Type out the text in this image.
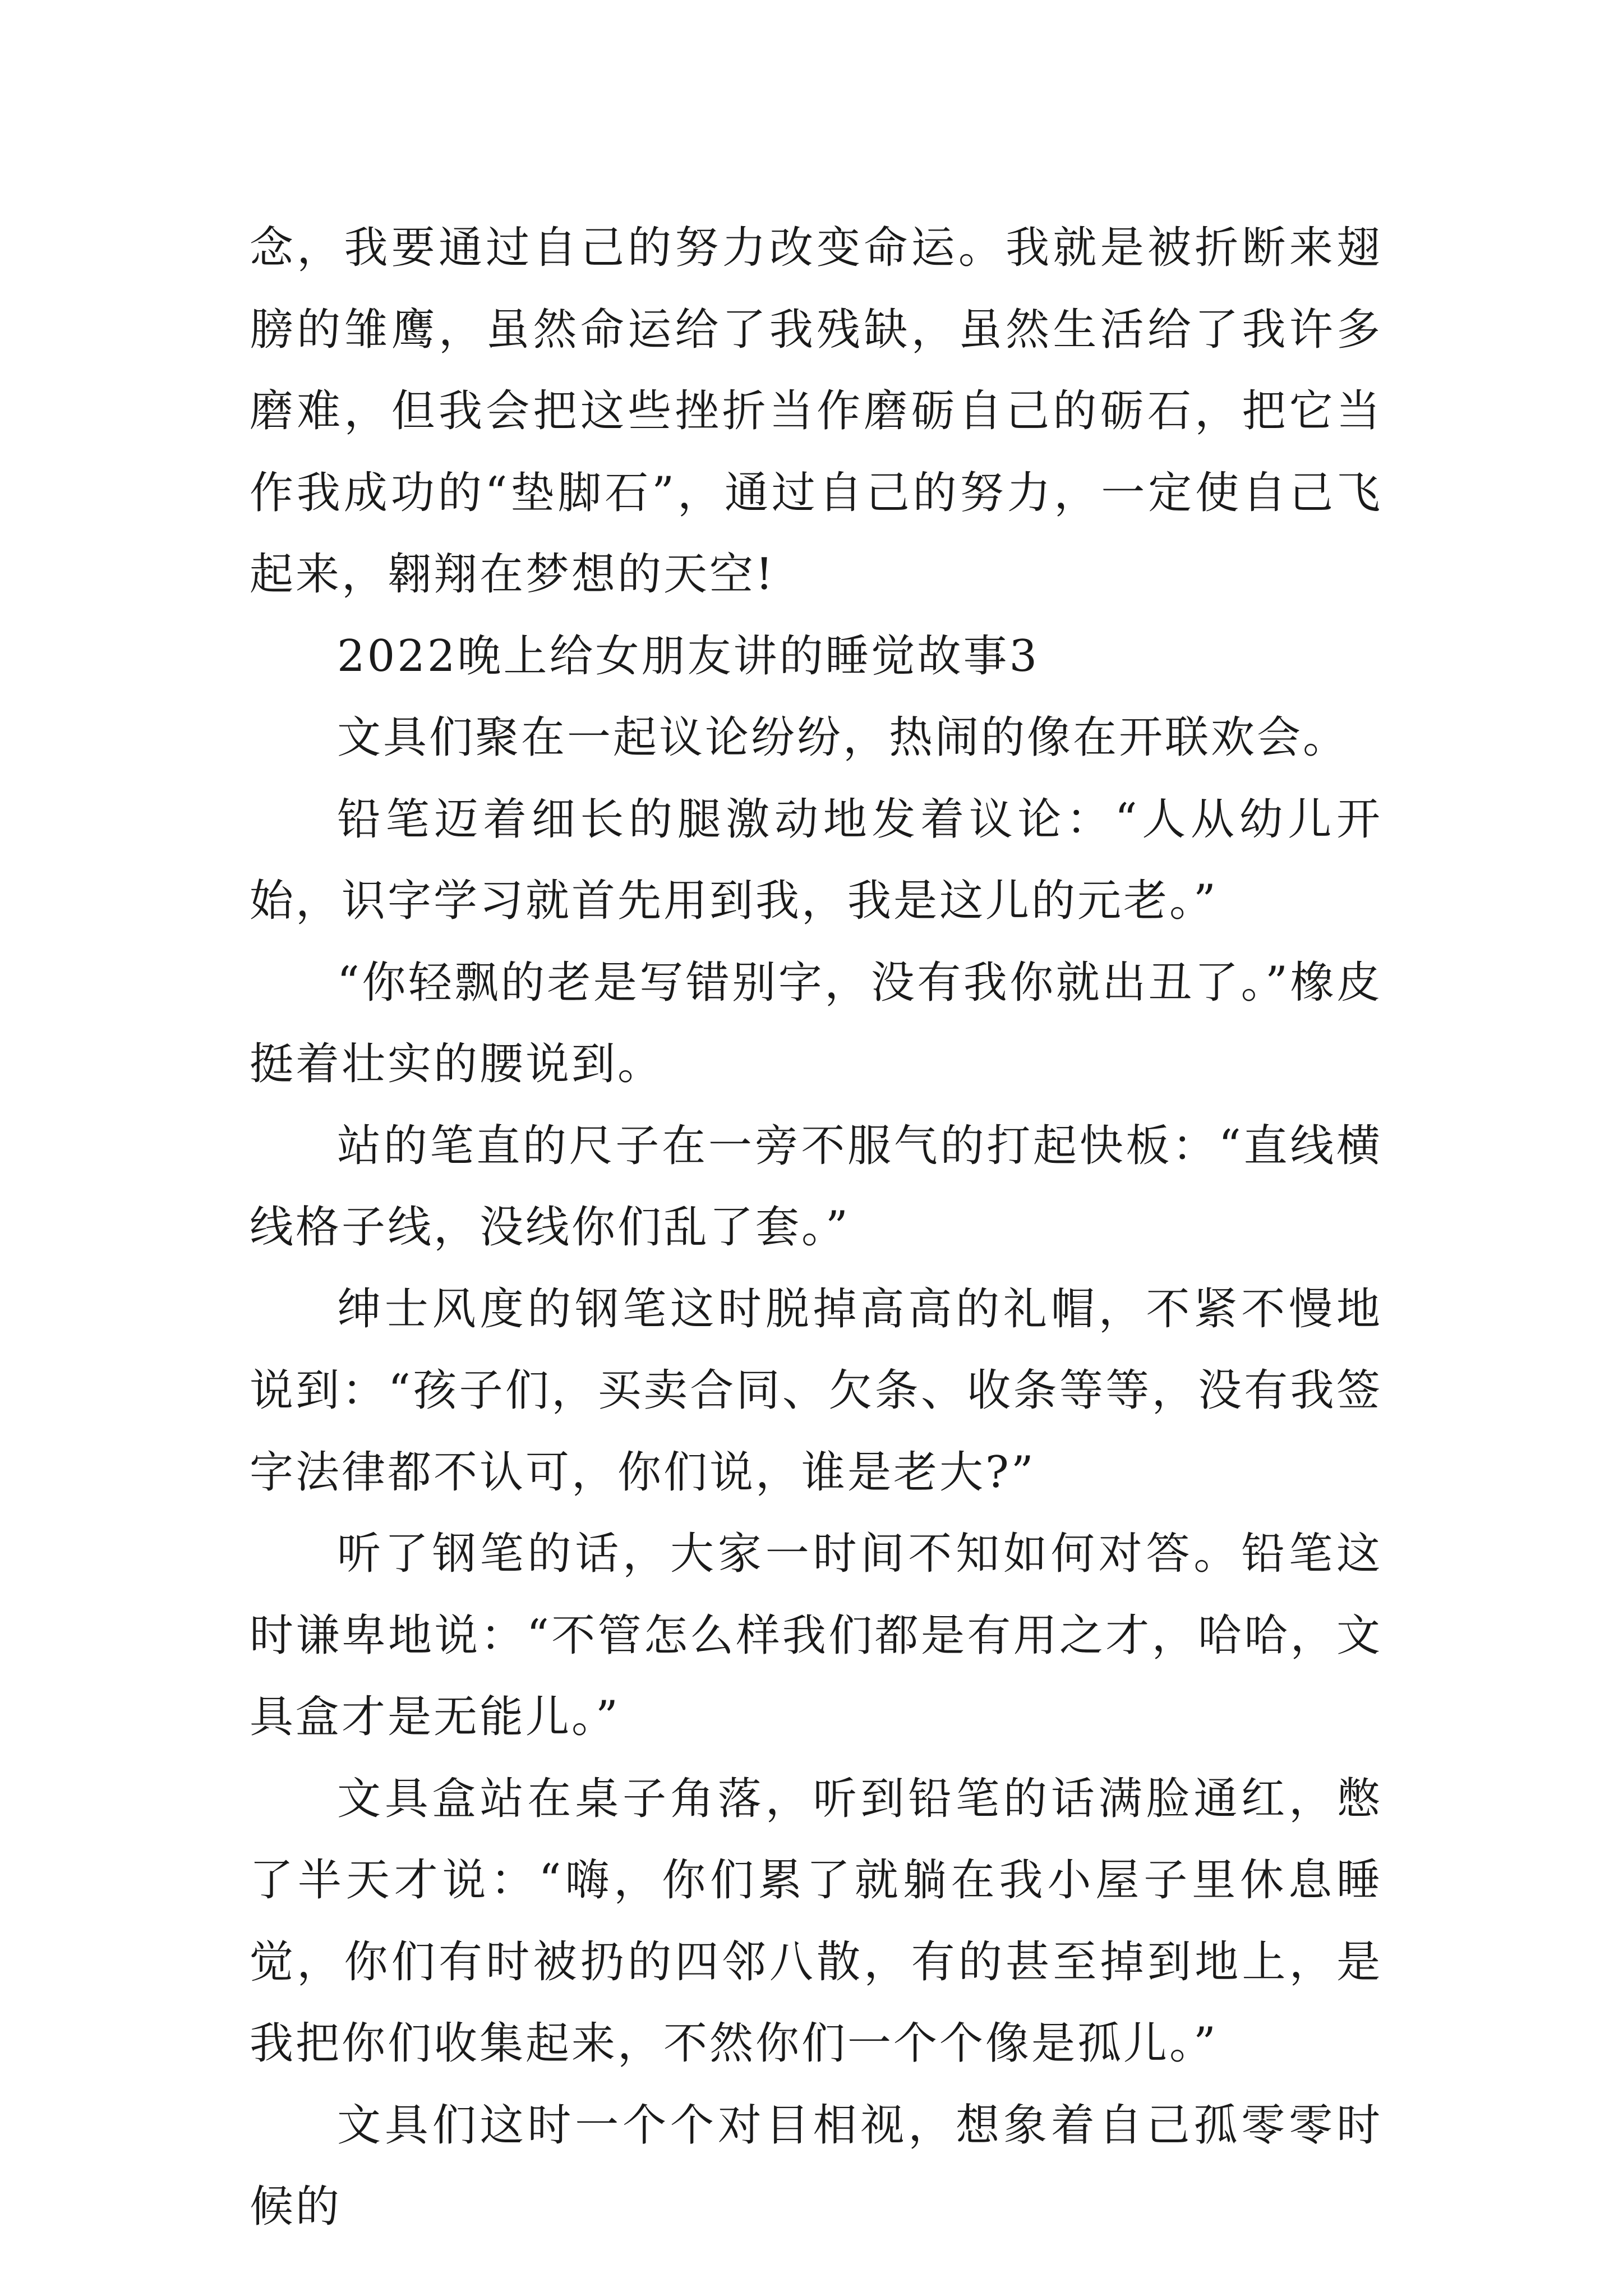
念，我要通过自己的努力改变命运。我就是被折断来翅膀的雏鹰，虽然命运给了我残缺，虽然生活给了我许多磨难，但我会把这些挫折当作磨砺自己的砺石，把它当作我成功的“垫脚石”，通过自己的努力，一定使自己飞起来，翱翔在梦想的天空!

2022晚上给女朋友讲的睡觉故事3

文具们聚在一起议论纷纷，热闹的像在开联欢会。

铅笔迈着细长的腿激动地发着议论：“人从幼儿开始，识字学习就首先用到我，我是这儿的元老。”

“你轻飘的老是写错别字，没有我你就出丑了。”橡皮挺着壮实的腰说到。

站的笔直的尺子在一旁不服气的打起快板：“直线横线格子线，没线你们乱了套。”

绅士风度的钢笔这时脱掉高高的礼帽，不紧不慢地说到：“孩子们，买卖合同、欠条、收条等等，没有我签字法律都不认可，你们说，谁是老大?”

听了钢笔的话，大家一时间不知如何对答。铅笔这时谦卑地说：“不管怎么样我们都是有用之才，哈哈，文具盒才是无能儿。”

文具盒站在桌子角落，听到铅笔的话满脸通红，憋了半天才说：“嗨，你们累了就躺在我小屋子里休息睡觉，你们有时被扔的四邻八散，有的甚至掉到地上，是我把你们收集起来，不然你们一个个像是孤儿。”

文具们这时一个个对目相视，想象着自己孤零零时候的
